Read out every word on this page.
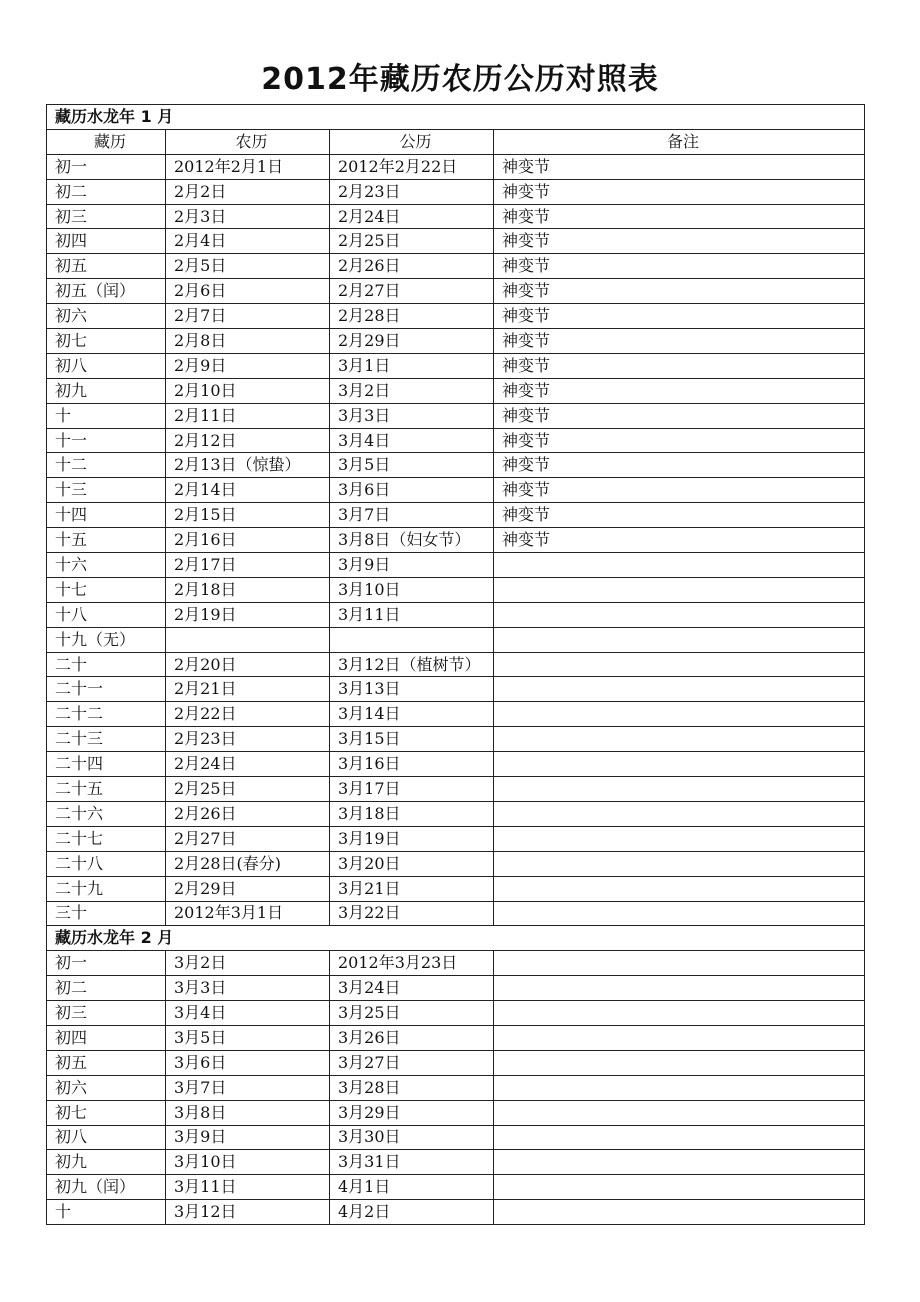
2012年藏历农历公历对照表
藏历水龙年 1 月			
藏历	农历	公历	备注
初一	2012年2月1日	2012年2月22日	神变节
初二	2月2日	2月23日	神变节
初三	2月3日	2月24日	神变节
初四	2月4日	2月25日	神变节
初五	2月5日	2月26日	神变节
初五（闰）	2月6日	2月27日	神变节
初六	2月7日	2月28日	神变节
初七	2月8日	2月29日	神变节
初八	2月9日	3月1日	神变节
初九	2月10日	3月2日	神变节
十	2月11日	3月3日	神变节
十一	2月12日	3月4日	神变节
十二	2月13日（惊蛰）	3月5日	神变节
十三	2月14日	3月6日	神变节
十四	2月15日	3月7日	神变节
十五	2月16日	3月8日（妇女节）	神变节
十六	2月17日	3月9日	
十七	2月18日	3月10日	
十八	2月19日	3月11日	
十九（无）			
二十	2月20日	3月12日（植树节）	
二十一	2月21日	3月13日	
二十二	2月22日	3月14日	
二十三	2月23日	3月15日	
二十四	2月24日	3月16日	
二十五	2月25日	3月17日	
二十六	2月26日	3月18日	
二十七	2月27日	3月19日	
二十八	2月28日(春分)	3月20日	
二十九	2月29日	3月21日	
三十	2012年3月1日	3月22日	
藏历水龙年 2 月			
初一	3月2日	2012年3月23日	
初二	3月3日	3月24日	
初三	3月4日	3月25日	
初四	3月5日	3月26日	
初五	3月6日	3月27日	
初六	3月7日	3月28日	
初七	3月8日	3月29日	
初八	3月9日	3月30日	
初九	3月10日	3月31日	
初九（闰）	3月11日	4月1日	
十	3月12日	4月2日	
